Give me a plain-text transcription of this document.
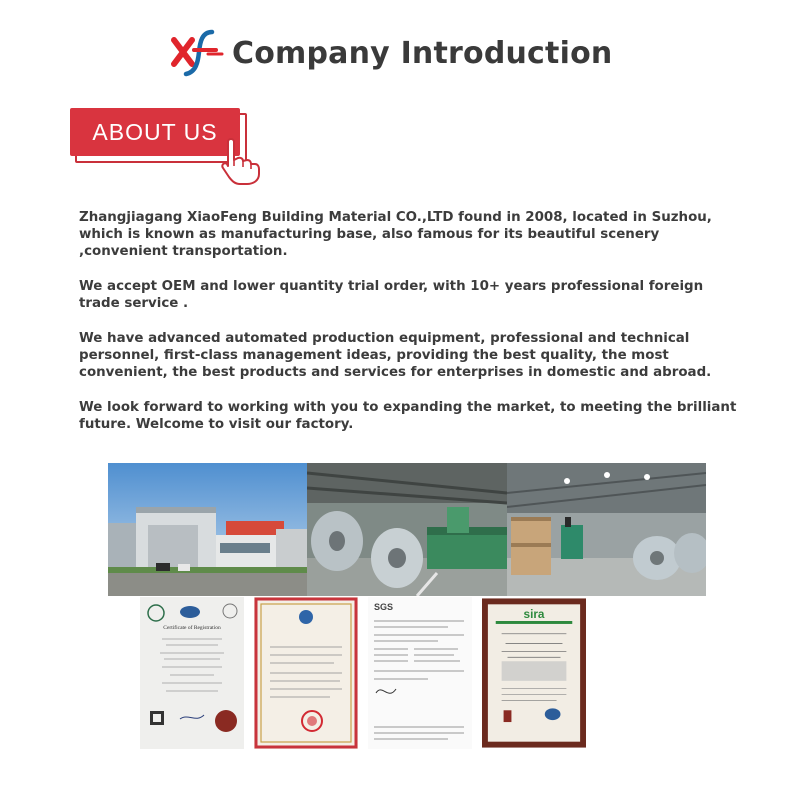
Company Introduction
ABOUT US

Zhangjiagang XiaoFeng Building Material CO.,LTD found in 2008, located in Suzhou, which is known as manufacturing base, also famous for its beautiful scenery ,convenient transportation.

We accept OEM and lower quantity trial order, with 10+ years professional foreign trade service .

We have advanced automated production equipment, professional and technical personnel, first-class management ideas, providing the best quality, the most convenient, the best products and services for enterprises in domestic and abroad.

We look forward to working with you to expanding the market, to meeting the brilliant future. Welcome to visit our factory.

Certificate of Registration
SGS
sira
